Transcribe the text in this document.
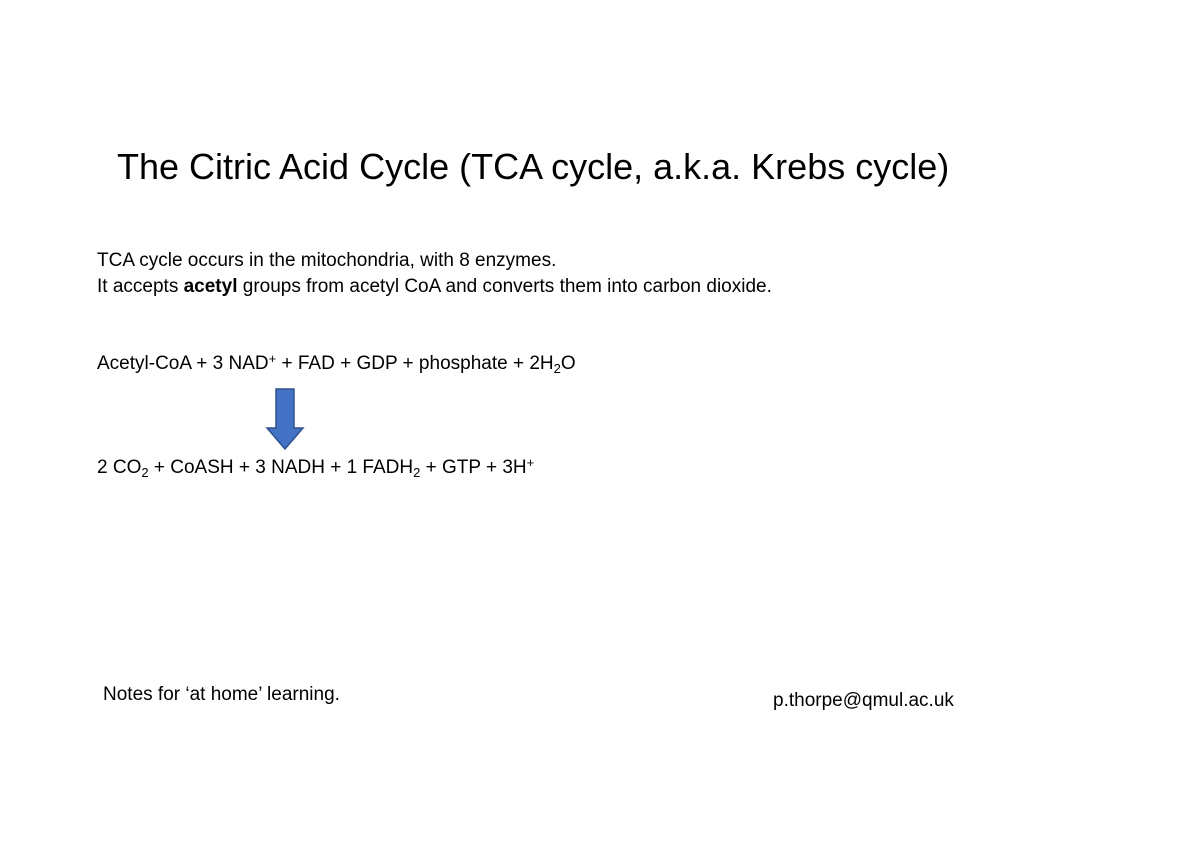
The Citric Acid Cycle (TCA cycle, a.k.a. Krebs cycle)
TCA cycle occurs in the mitochondria, with 8 enzymes.
It accepts acetyl groups from acetyl CoA and converts them into carbon dioxide.
Acetyl-CoA + 3 NAD+ + FAD + GDP + phosphate + $2H_2O$
2 $CO_2$ + CoASH + 3 NADH + 1 $FADH_2$ + GTP + 3H+
Notes for ‘at home’ learning.	p.thorpe@qmul.ac.uk
